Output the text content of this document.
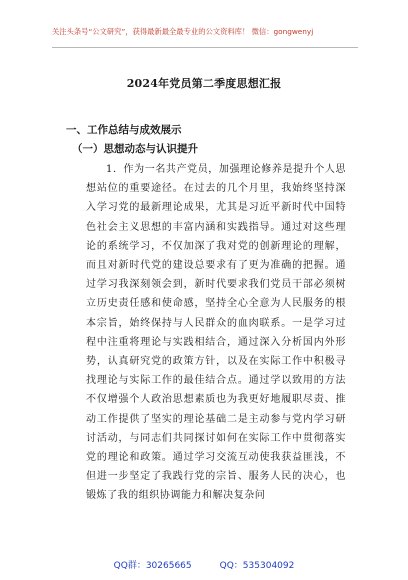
关注头条号“公文研究”，获得最新最全最专业的公文资料库！ 微信：gongwenyj
2024年党员第二季度思想汇报
一、工作总结与成效展示
（一）思想动态与认识提升

1．作为一名共产党员，加强理论修养是提升个人思想站位的重要途径。在过去的几个月里，我始终坚持深入学习党的最新理论成果，尤其是习近平新时代中国特色社会主义思想的丰富内涵和实践指导。通过对这些理论的系统学习，不仅加深了我对党的创新理论的理解，而且对新时代党的建设总要求有了更为准确的把握。通过学习我深刻领会到，新时代要求我们党员干部必须树立历史责任感和使命感，坚持全心全意为人民服务的根本宗旨，始终保持与人民群众的血肉联系。一是学习过程中注重将理论与实践相结合，通过深入分析国内外形势，认真研究党的政策方针，以及在实际工作中积极寻找理论与实际工作的最佳结合点。通过学以致用的方法不仅增强个人政治思想素质也为我更好地履职尽责、推动工作提供了坚实的理论基础二是主动参与党内学习研讨活动，与同志们共同探讨如何在实际工作中贯彻落实党的理论和政策。通过学习交流互动使我获益匪浅，不但进一步坚定了我践行党的宗旨、服务人民的决心，也锻炼了我的组织协调能力和解决复杂问

QQ群：30265665	QQ：535304092
